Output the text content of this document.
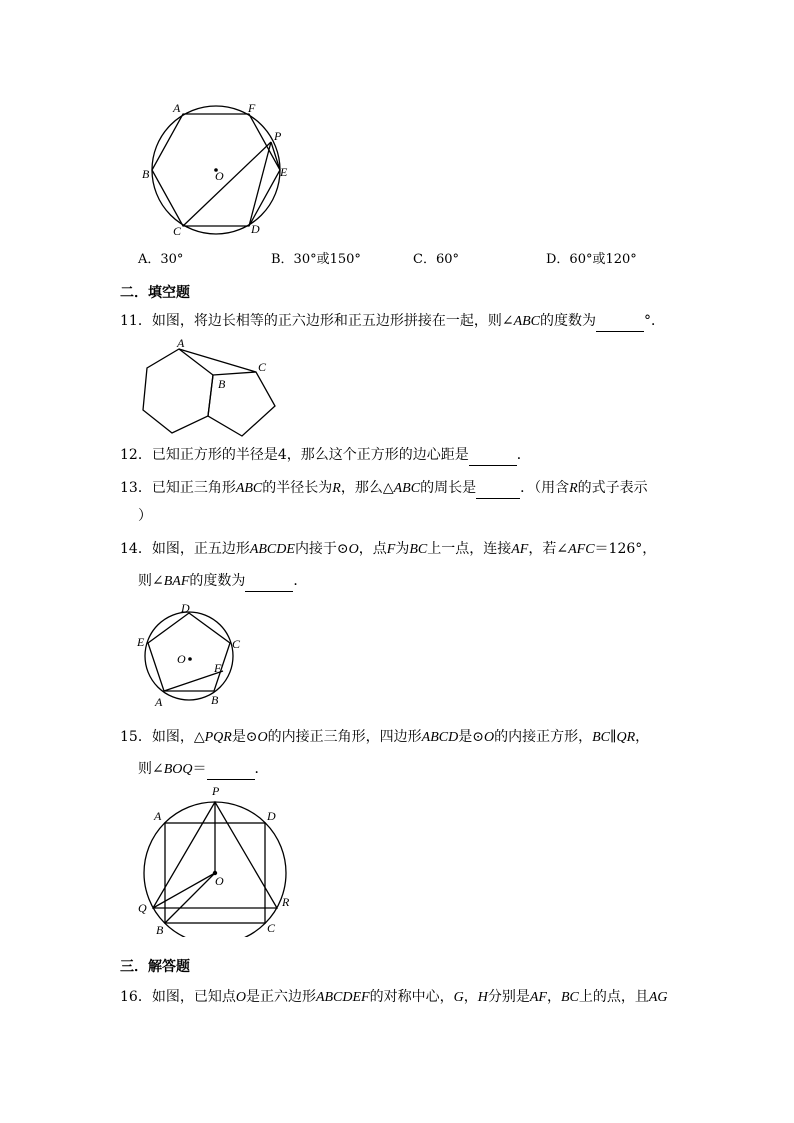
A	F
P
E
D
C
B	O
A．30°	B．30°或150°	C．60°	D．60°或120°
二．填空题
11．如图，将边长相等的正六边形和正五边形拼接在一起，则∠ABC的度数为	°．
A
B
C
12．已知正方形的半径是4，那么这个正方形的边心距是	．
13．已知正三角形ABC的半径长为R，那么△ABC的周长是	．（用含R的式子表示
）
14．如图，正五边形ABCDE内接于⊙O，点F为BC上一点，连接AF，若∠AFC＝126°，
则∠BAF的度数为	．
D
E	C
O
F
A	B
15．如图，△PQR是⊙O的内接正三角形，四边形ABCD是⊙O的内接正方形，BC∥QR，
则∠BOQ＝	．
P
A	D
O
Q	R
B	C
三．解答题
16．如图，已知点O是正六边形ABCDEF的对称中心，G，H分别是AF，BC上的点，且AG
